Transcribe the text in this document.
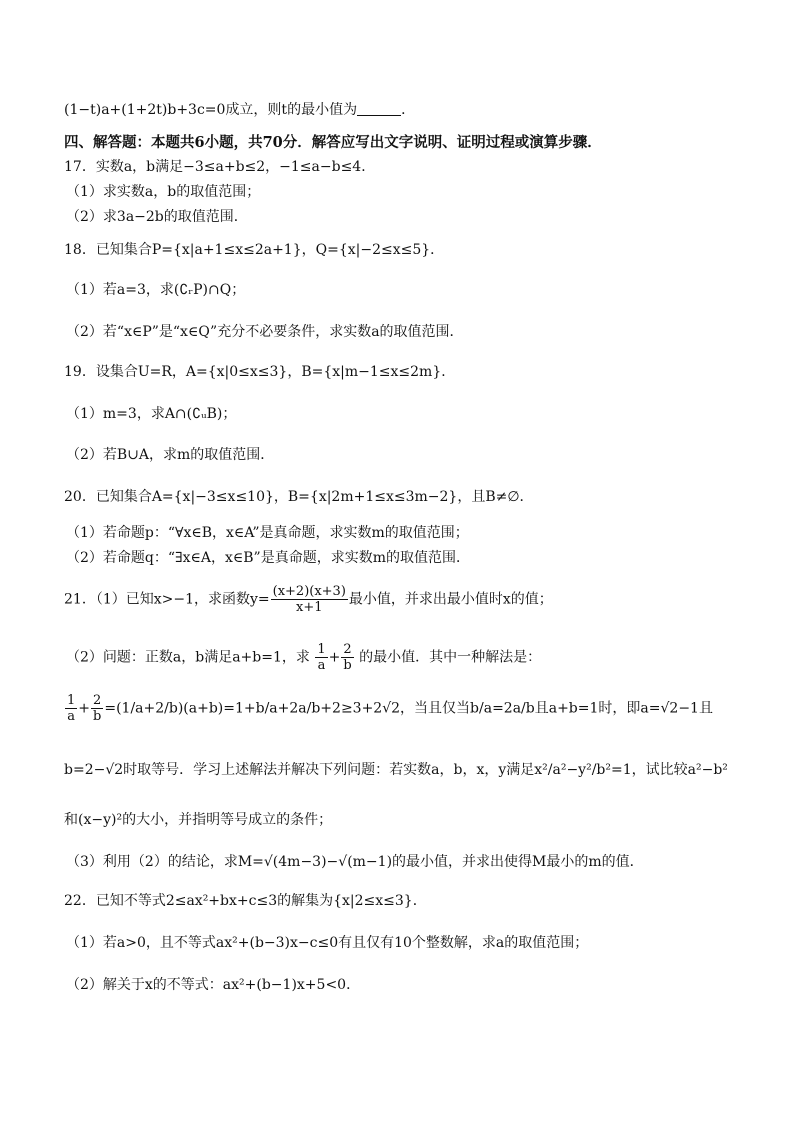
(1−t)a+(1+2t)b+3c=0成立，则t的最小值为	．
四、解答题：本题共6小题，共70分．解答应写出文字说明、证明过程或演算步骤．
17．实数a，b满足−3≤a+b≤2，−1≤a−b≤4．
（1）求实数a，b的取值范围；
（2）求3a−2b的取值范围．
18．已知集合P={x|a+1≤x≤2a+1}，Q={x|−2≤x≤5}．
（1）若a=3，求(∁ᵣP)∩Q；
（2）若“x∈P”是“x∈Q”充分不必要条件，求实数a的取值范围．
19．设集合U=R，A={x|0≤x≤3}，B={x|m−1≤x≤2m}．
（1）m=3，求A∩(∁ᵤB)；
（2）若B∪A，求m的取值范围．
20．已知集合A={x|−3≤x≤10}，B={x|2m+1≤x≤3m−2}，且B≠∅．
（1）若命题p：“∀x∈B，x∈A”是真命题，求实数m的取值范围；
（2）若命题q：“∃x∈A，x∈B”是真命题，求实数m的取值范围．
21．（1）已知x>−1，求函数$y= \frac{(x+2)(x+3)}{x+1}$ 最小值，并求出最小值时x的值；
（2）问题：正数a，b满足a+b=1，求 $\frac{1}{a} + \frac{2}{b}$ 的最小值．其中一种解法是：
$\frac{1}{a} + \frac{2}{b} =(1/a+2/b)(a+b)=1+b/a+2a/b+2\ge 3+2√2$，当且仅当b/a=2a/b且a+b=1时，即a=√2−1且
b=2−√2时取等号．学习上述解法并解决下列问题：若实数a，b，x，y满足x²/a²−y²/b²=1，试比较a²−b²
和(x−y)²的大小，并指明等号成立的条件；
（3）利用（2）的结论，求M=√(4m−3)−√(m−1)的最小值，并求出使得M最小的m的值．
22．已知不等式2≤ax²+bx+c≤3的解集为{x|2≤x≤3}．
（1）若a>0，且不等式ax²+(b−3)x−c≤0有且仅有10个整数解，求a的取值范围；
（2）解关于x的不等式：ax²+(b−1)x+5<0．
